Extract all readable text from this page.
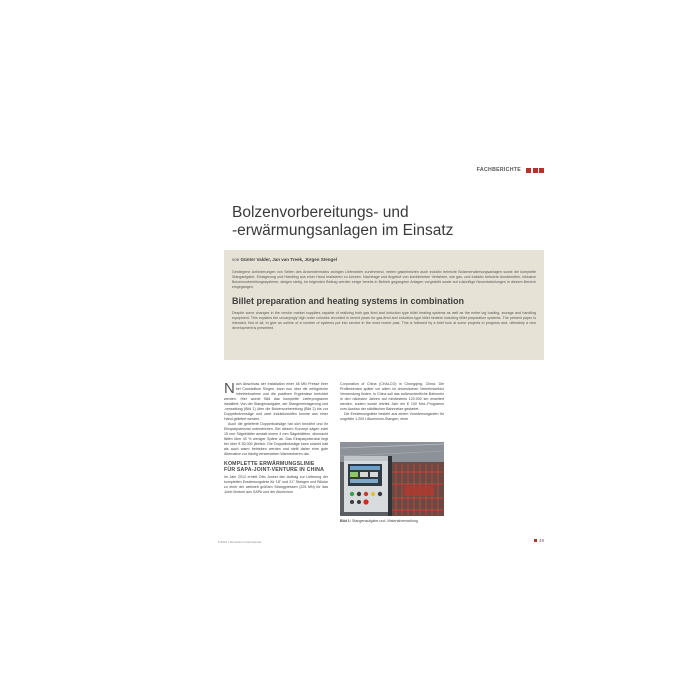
FACHBERICHTE
Bolzenvorbereitungs- und
-erwärmungsanlagen im Einsatz
von Günter Valder, Jan van Treek, Jürgen Stengel

Gestiegene Anforderungen von Seiten des Anwendermarks zwingen Lieferanten zunehmend, neben gasbeheizten auch induktiv beheizte Bolzenerwärmungsanlagen sowie die komplette Stangaufgabe, Einlagerung und Handling aus einer Hand realisieren zu können. Nachfrage und Angebot von kombinierten Verfahren, wie gas- und induktiv beheizte Anwärmöfen, inklusive Bolzenvorbereitungssysteme, steigen stetig. Im folgenden Beitrag werden einige bereits in Betrieb gegangene Anlagen vorgestellt sowie auf zukünftige Neuentwicklungen in diesem Bereich eingegangen.

Billet preparation and heating systems in combination

Despite some changes in the vendor market suppliers capable of realizing both gas fired and induction type billet heating systems as well as the entire log loading, storage and handling equipment. This explains the unvaryingly high order volumes recorded in recent years for gas-fired and induction-type billet heaters including billet preparation systems. The present paper is intended, first of all, to give an outline of a number of systems put into service in the most recent past. This is followed by a brief look at some projects in progress and, ultimately a new development is presented.

N ach Abschluss der Installation einer 48 MN Presse ihrer bei Constellium Singen, kann nun über die erfolgreiche Inbetriebnahme und die positiven Ergebnisse berichtet werden. Hier wurde Bild das komplette Lieferprogramm installiert: Von der Stangenaufgabe, der Stangeneinlagerung und -verwaltung (Bild 1) über die Bolzenvorbereitung (Bild 2) bis zur Doppelbolzensäge und zwei Induktionsöfen konnte aus einer Hand geliefert werden.

Auch die gelieferte Doppelbolzsäge hat sich bewährt und ihr Einsparpotenzial unterstrichen. Bei diesem Konzept sägen zwei 15 mm Sägeblätter anstatt einem 4 mm Sägeblättern, dimmacht fällen über 40 % weniger Späne an. Das Einsparpotenzial liegt bei über € 50.000 jährlich. Die Doppelbolzsäge kann sowohl kalt als auch warm betrieben werden und stellt daher eine gute Alternative zur häufig verwendeten Warmscheren dar.

KOMPLETTE ERWÄRMUNGSLINIE
FÜR SAPA-JOINT-VENTURE IN CHINA

Im Jahr 2012 erhielt Otto Junker den Auftrag zur Lieferung der kompletten Erwärmungslinie für 18" und 21" Stangen und Blöcke zu einer der weltweit größten Strangpressen (225 MN) für das Joint-Venture aus SAPA und der Aluminium

Corporation of China (CHALCO) in Chongqing, China. Die Profilewerden später vor allem im chinesischen Verkehrssektor Verwendung finden. In China soll das außerordentliche Bahnnetz in den nächsten Jahren auf mindestens 120.000 km erweitert werden, zudem wurde letztes Jahr ein € 100 Mrd.-Programm zum Ausbau der städtischen Bahnnetze gestartet.

Die Erwärmungslinie besteht aus einem Vorwärmungsofen für ungefähr 1.200 t Aluminium-Stangen, einer

Bild 1: Stangenaufgabe und -Materialverwaltung
5-2014 | Aluminium International	49
